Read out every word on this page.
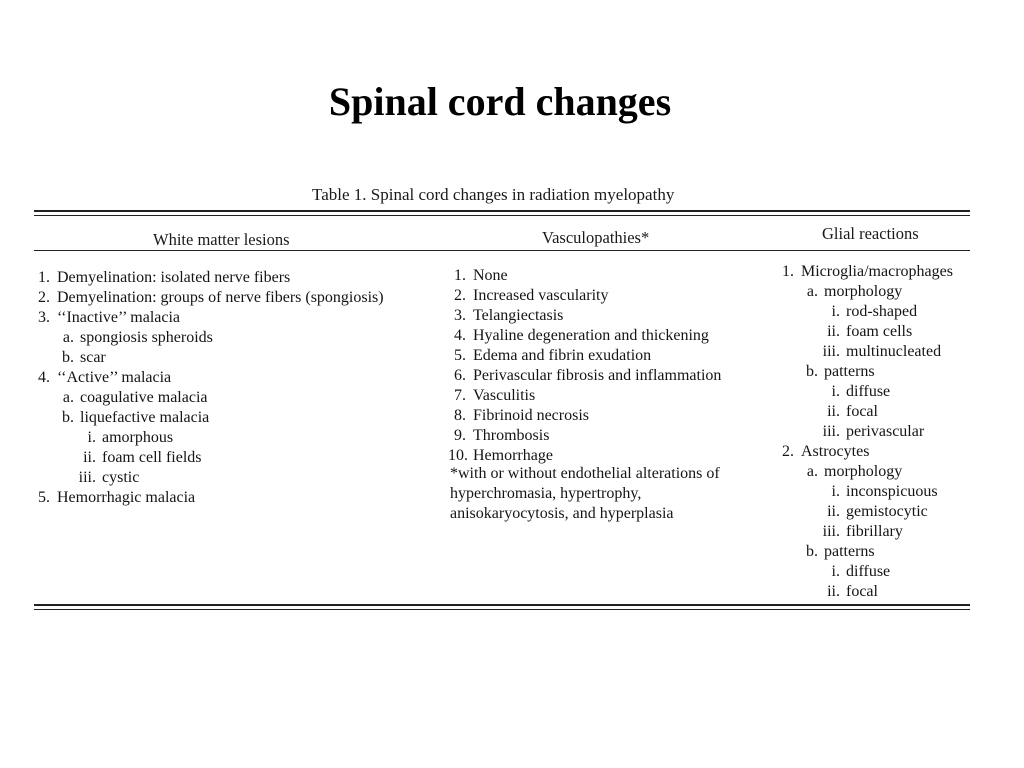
Spinal cord changes
Table 1. Spinal cord changes in radiation myelopathy
White matter lesions	Vasculopathies*	Glial reactions
1. Demyelination: isolated nerve fibers
2. Demyelination: groups of nerve fibers (spongiosis)
3. ‘‘Inactive’’ malacia
a. spongiosis spheroids
b. scar
4. ‘‘Active’’ malacia
a. coagulative malacia
b. liquefactive malacia
i. amorphous
ii. foam cell fields
iii. cystic
5. Hemorrhagic malacia
1. None
2. Increased vascularity
3. Telangiectasis
4. Hyaline degeneration and thickening
5. Edema and fibrin exudation
6. Perivascular fibrosis and inflammation
7. Vasculitis
8. Fibrinoid necrosis
9. Thrombosis
10. Hemorrhage
*with or without endothelial alterations of hyperchromasia, hypertrophy, anisokaryocytosis, and hyperplasia
1. Microglia/macrophages
a. morphology
i. rod-shaped
ii. foam cells
iii. multinucleated
b. patterns
i. diffuse
ii. focal
iii. perivascular
2. Astrocytes
a. morphology
i. inconspicuous
ii. gemistocytic
iii. fibrillary
b. patterns
i. diffuse
ii. focal
